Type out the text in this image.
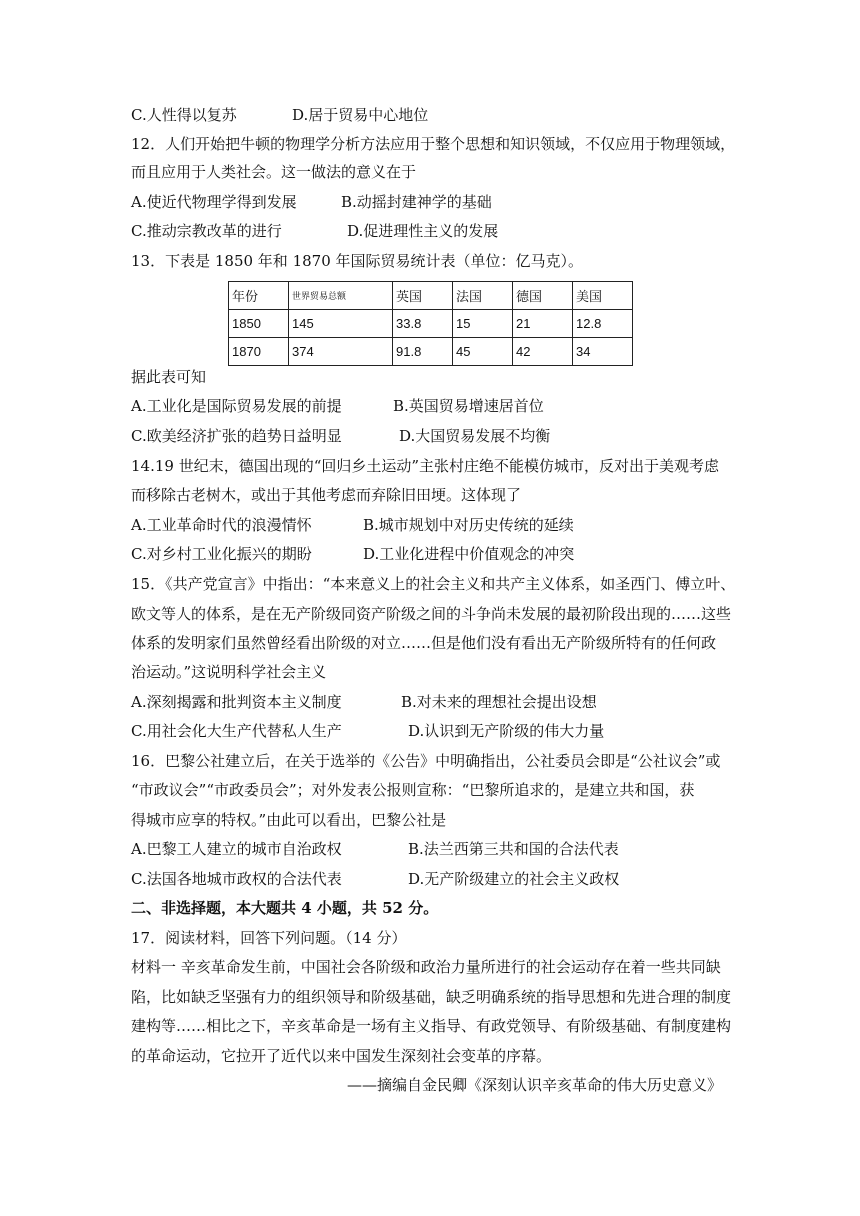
C.人性得以复苏	D.居于贸易中心地位
12．人们开始把牛顿的物理学分析方法应用于整个思想和知识领域，不仅应用于物理领域，
而且应用于人类社会。这一做法的意义在于
A.使近代物理学得到发展	B.动摇封建神学的基础
C.推动宗教改革的进行	D.促进理性主义的发展
13．下表是 1850 年和 1870 年国际贸易统计表（单位：亿马克）。
年份	世界贸易总额	英国	法国	德国	美国
1850	145	33.8	15	21	12.8
1870	374	91.8	45	42	34
据此表可知
A.工业化是国际贸易发展的前提	B.英国贸易增速居首位
C.欧美经济扩张的趋势日益明显	D.大国贸易发展不均衡
14.19 世纪末，德国出现的“回归乡土运动”主张村庄绝不能模仿城市，反对出于美观考虑
而移除古老树木，或出于其他考虑而弃除旧田埂。这体现了
A.工业革命时代的浪漫情怀	B.城市规划中对历史传统的延续
C.对乡村工业化振兴的期盼	D.工业化进程中价值观念的冲突
15．《共产党宣言》中指出：“本来意义上的社会主义和共产主义体系，如圣西门、傅立叶、
欧文等人的体系，是在无产阶级同资产阶级之间的斗争尚未发展的最初阶段出现的……这些
体系的发明家们虽然曾经看出阶级的对立……但是他们没有看出无产阶级所特有的任何政
治运动。”这说明科学社会主义
A.深刻揭露和批判资本主义制度	B.对未来的理想社会提出设想
C.用社会化大生产代替私人生产	D.认识到无产阶级的伟大力量
16．巴黎公社建立后，在关于选举的《公告》中明确指出，公社委员会即是“公社议会”或
“市政议会”“市政委员会”；对外发表公报则宣称：“巴黎所追求的，是建立共和国，获
得城市应享的特权。”由此可以看出，巴黎公社是
A.巴黎工人建立的城市自治政权	B.法兰西第三共和国的合法代表
C.法国各地城市政权的合法代表	D.无产阶级建立的社会主义政权
二、非选择题，本大题共 4 小题，共 52 分。
17．阅读材料，回答下列问题。（14 分）
材料一 辛亥革命发生前，中国社会各阶级和政治力量所进行的社会运动存在着一些共同缺
陷，比如缺乏坚强有力的组织领导和阶级基础，缺乏明确系统的指导思想和先进合理的制度
建构等……相比之下，辛亥革命是一场有主义指导、有政党领导、有阶级基础、有制度建构
的革命运动，它拉开了近代以来中国发生深刻社会变革的序幕。
——摘编自金民卿《深刻认识辛亥革命的伟大历史意义》
